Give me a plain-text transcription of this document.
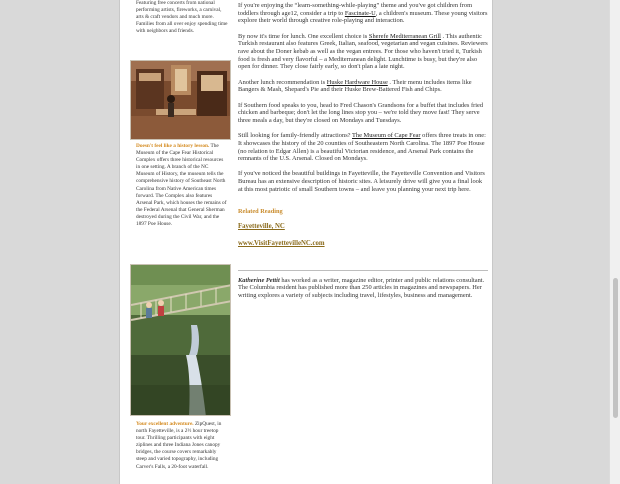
Featuring free concerts from national performing artists, fireworks, a carnival, arts & craft vendors and much more. Families from all over enjoy spending time with neighbors and friends.
Doesn't feel like a history lesson. The Museum of the Cape Fear Historical Complex offers three historical resources in one setting. A branch of the NC Museum of History, the museum tells the comprehensive history of Southeast North Carolina from Native American times forward. The Complex also features Arsenal Park, which houses the remains of the Federal Arsenal that General Sherman destroyed during the Civil War, and the 1897 Poe House.
Your excellent adventure. ZipQuest, in north Fayetteville, is a 2½ hour treetop tour. Thrilling participants with eight ziplines and three Indiana Jones canopy bridges, the course covers remarkably steep and varied topography, including Carver's Falls, a 20-foot waterfall.

If you're enjoying the “learn-something-while-playing” theme and you've got children from toddlers through age12, consider a trip to Fascinate-U, a children's museum. These young visitors explore their world through creative role-playing and interaction.

By now it's time for lunch. One excellent choice is Sherefe Mediterranean Grill . This authentic Turkish restaurant also features Greek, Italian, seafood, vegetarian and vegan cuisines. Reviewers rave about the Doner kebab as well as the vegan entrees. For those who haven't tried it, Turkish food is fresh and very flavorful – a Mediterranean delight. Lunchtime is busy, but they're also open for dinner. They close fairly early, so don't plan a late night.

Another lunch recommendation is Huske Hardware House . Their menu includes items like Bangers & Mash, Shepard's Pie and their Huske Brew-Battered Fish and Chips.

If Southern food speaks to you, head to Fred Chason's Grandsons for a buffet that includes fried chicken and barbeque; don't let the long lines stop you – we're told they move fast! They serve three meals a day, but they're closed on Mondays and Tuesdays.

Still looking for family-friendly attractions? The Museum of Cape Fear offers three treats in one: It showcases the history of the 20 counties of Southeastern North Carolina. The 1897 Poe House (no relation to Edgar Allen) is a beautiful Victorian residence, and Arsenal Park contains the remnants of the U.S. Arsenal. Closed on Mondays.

If you've noticed the beautiful buildings in Fayetteville, the Fayetteville Convention and Visitors Bureau has an extensive description of historic sites. A leisurely drive will give you a final look at this most patriotic of small Southern towns – and leave you planning your next trip here.

Related Reading
Fayetteville, NC
www.VisitFayettevilleNC.com

Katherine Pettit has worked as a writer, magazine editor, printer and public relations consultant. The Columbia resident has published more than 250 articles in magazines and newspapers. Her writing explores a variety of subjects including travel, lifestyles, business and management.
